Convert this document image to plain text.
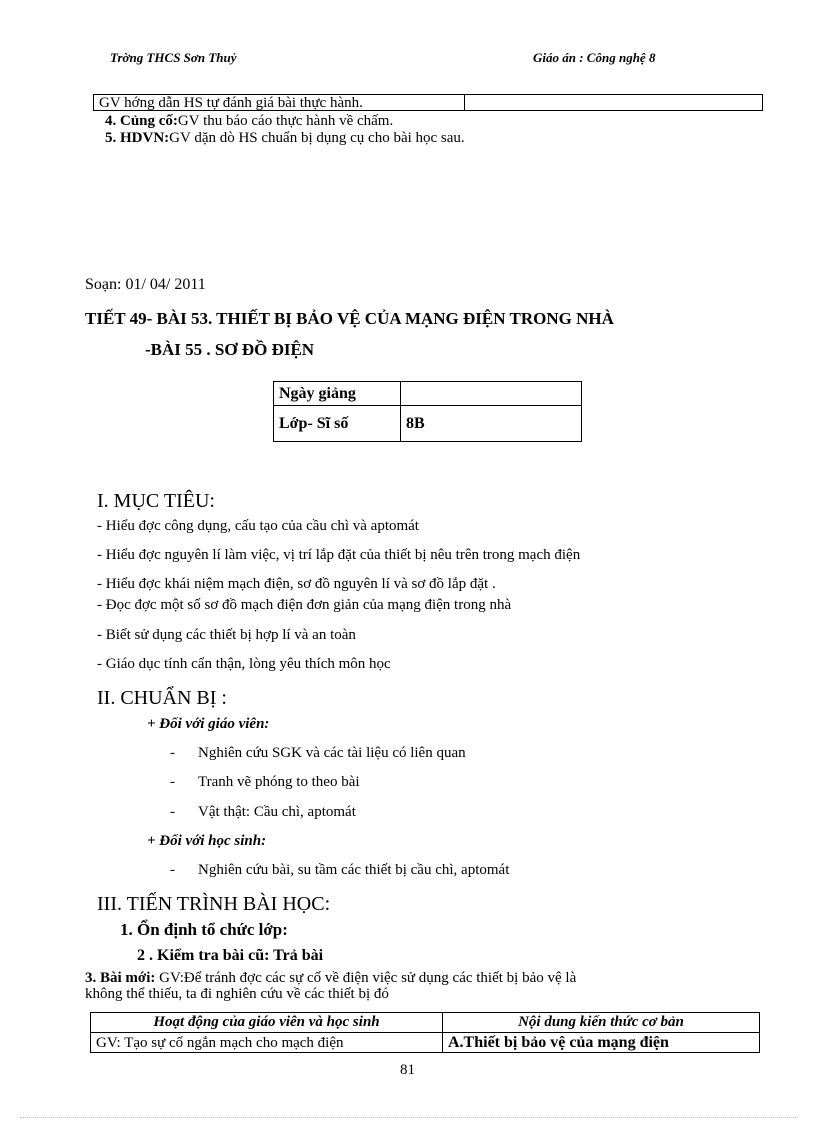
Trờng THCS Sơn Thuỷ	Giáo án : Công nghệ 8
GV hớng dẫn HS tự đánh giá bài thực hành.	
4. Củng cố:GV thu báo cáo thực hành về chấm.
5. HDVN:GV dặn dò HS chuẩn bị dụng cụ cho bài học sau.
Soạn: 01/ 04/ 2011
TIẾT 49- BÀI 53. THIẾT BỊ BẢO VỆ CỦA MẠNG ĐIỆN TRONG NHÀ
-BÀI 55 . SƠ ĐỒ ĐIỆN
Ngày giảng	
Lớp- Sĩ số	8B
I. MỤC TIÊU:
- Hiểu đợc công dụng, cấu tạo của cầu chì và aptomát
- Hiểu đợc nguyên lí làm việc, vị trí lắp đặt của thiết bị nêu trên trong mạch điện
- Hiểu đợc khái niệm mạch điện, sơ đồ nguyên lí và sơ đồ lắp đặt .
- Đọc đợc một số sơ đồ mạch điện đơn giản của mạng điện trong nhà
- Biết sử dụng các thiết bị hợp lí và an toàn
- Giáo dục tính cẩn thận, lòng yêu thích môn học
II. CHUẨN BỊ :
+ Đối với giáo viên:
- Nghiên cứu SGK và các tài liệu có liên quan
- Tranh vẽ phóng to theo bài
- Vật thật: Cầu chì, aptomát
+ Đối với học sinh:
- Nghiên cứu bài, su tầm các thiết bị cầu chì, aptomát
III. TIẾN TRÌNH BÀI HỌC:
1. Ổn định tổ chức lớp:
2 . Kiểm tra bài cũ: Trả bài
3. Bài mới: GV:Để tránh đợc các sự cố về điện việc sử dụng các thiết bị bảo vệ là
không thể thiếu, ta đi nghiên cứu về các thiết bị đó
Hoạt động của giáo viên và học sinh	Nội dung kiến thức cơ bản
GV: Tạo sự cố ngắn mạch cho mạch điện	A.Thiết bị bảo vệ của mạng điện
81
